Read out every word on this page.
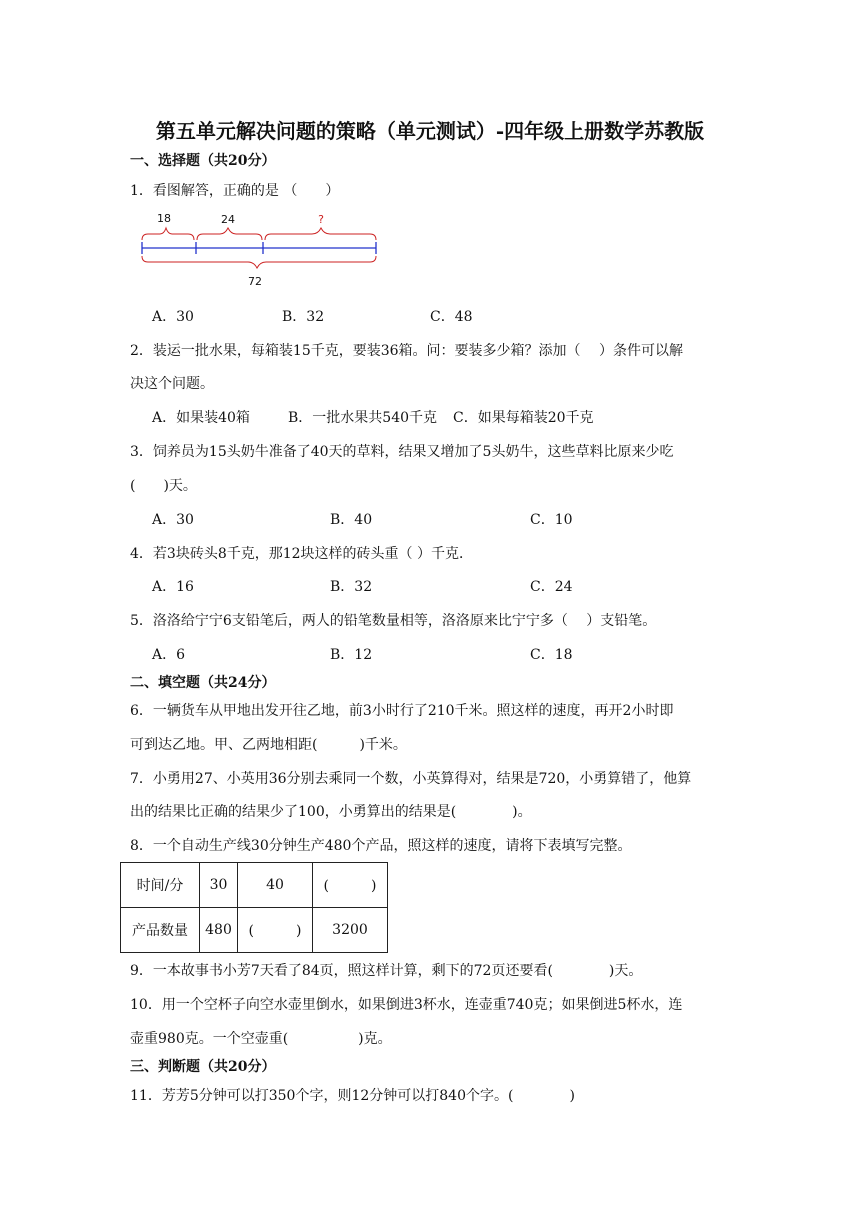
第五单元解决问题的策略（单元测试）-四年级上册数学苏教版
一、选择题（共20分）
1．看图解答，正确的是 （　　）
18	24	?
72
A．30	B．32	C．48
2．装运一批水果，每箱装15千克，要装36箱。问：要装多少箱？添加（　 ）条件可以解
决这个问题。
A．如果装40箱	B．一批水果共540千克 C．如果每箱装20千克
3．饲养员为15头奶牛准备了40天的草料，结果又增加了5头奶牛，这些草料比原来少吃
(　　)天。
A．30	B．40	C．10
4．若3块砖头8千克，那12块这样的砖头重（ ）千克．
A．16	B．32	C．24
5．洛洛给宁宁6支铅笔后，两人的铅笔数量相等，洛洛原来比宁宁多（　 ）支铅笔。
A．6	B．12	C．18
二、填空题（共24分）
6．一辆货车从甲地出发开往乙地，前3小时行了210千米。照这样的速度，再开2小时即
可到达乙地。甲、乙两地相距(　　　)千米。
7．小勇用27、小英用36分别去乘同一个数，小英算得对，结果是720，小勇算错了，他算
出的结果比正确的结果少了100，小勇算出的结果是(　　　　)。
8．一个自动生产线30分钟生产480个产品，照这样的速度，请将下表填写完整。
时间/分	30	40	(　　　)
产品数量	480	(　　　)	3200
9．一本故事书小芳7天看了84页，照这样计算，剩下的72页还要看(　　　　)天。
10．用一个空杯子向空水壶里倒水，如果倒进3杯水，连壶重740克；如果倒进5杯水，连
壶重980克。一个空壶重(　　　　　)克。
三、判断题（共20分）
11．芳芳5分钟可以打350个字，则12分钟可以打840个字。(　　　　)
